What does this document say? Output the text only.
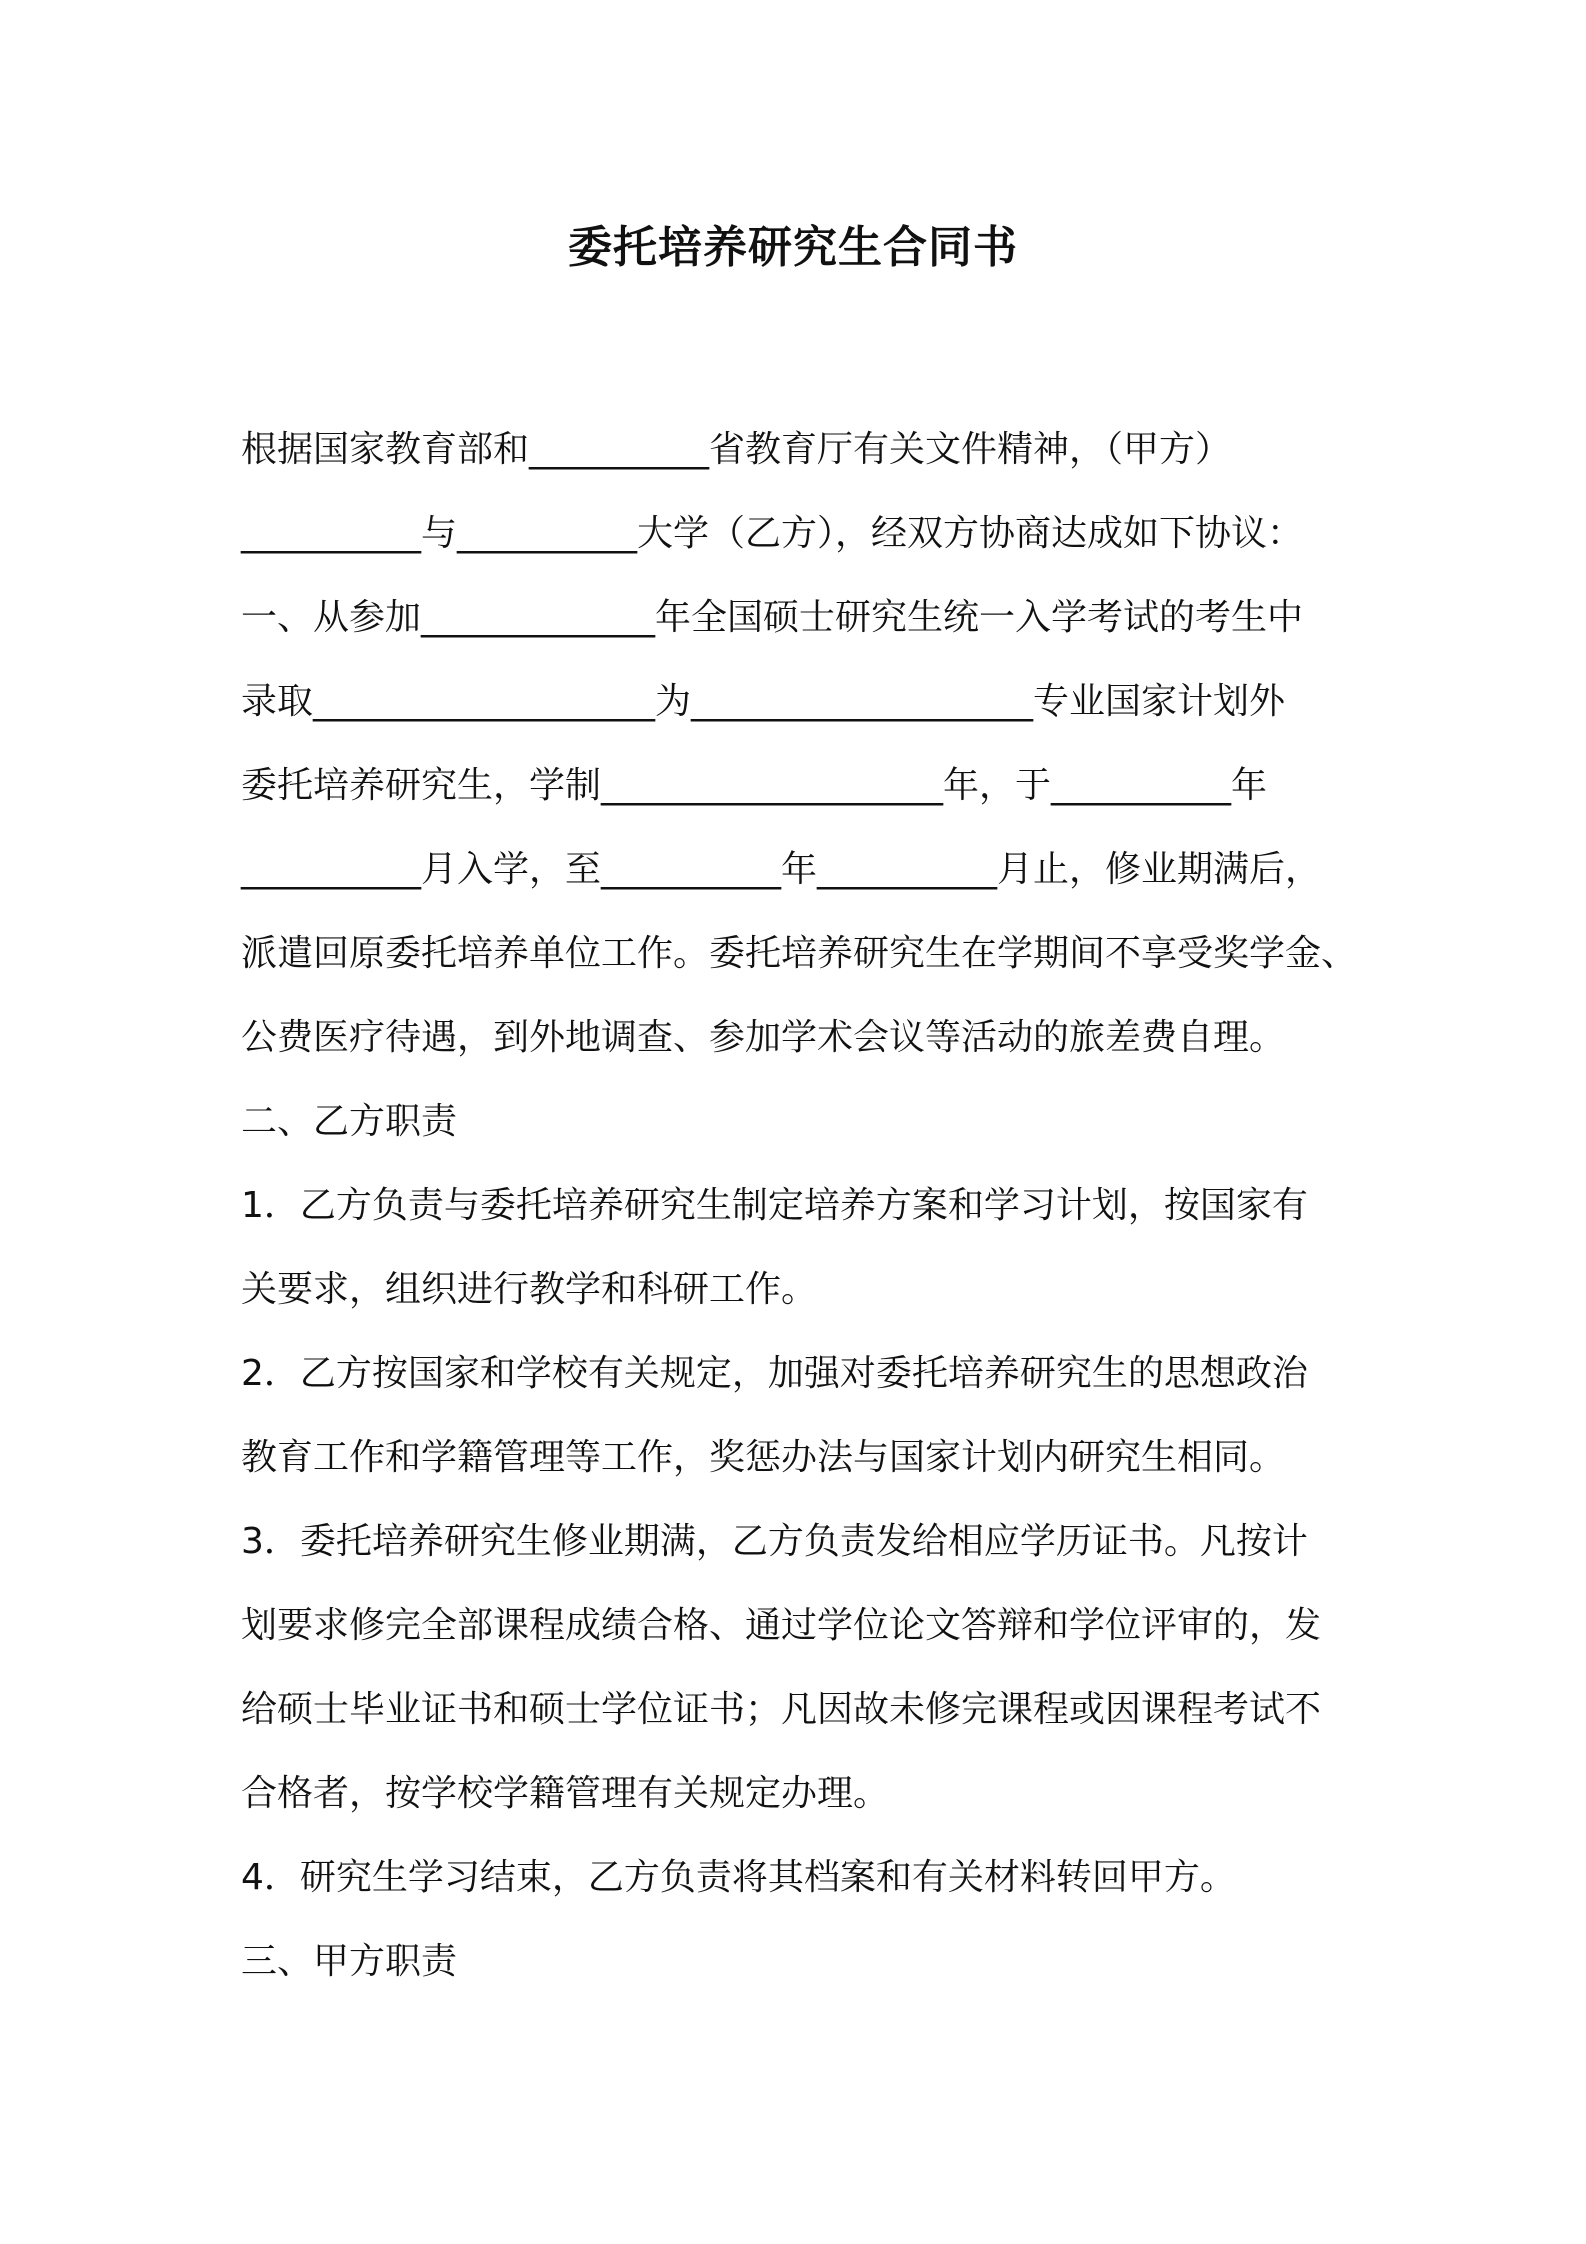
委托培养研究生合同书
根据国家教育部和__________省教育厅有关文件精神，（甲方）
__________与__________大学（乙方），经双方协商达成如下协议：
一、从参加_____________年全国硕士研究生统一入学考试的考生中
录取___________________为___________________专业国家计划外
委托培养研究生，学制___________________年，于__________年
__________月入学，至__________年__________月止，修业期满后，
派遣回原委托培养单位工作。委托培养研究生在学期间不享受奖学金、
公费医疗待遇，到外地调查、参加学术会议等活动的旅差费自理。
二、乙方职责
1．乙方负责与委托培养研究生制定培养方案和学习计划，按国家有
关要求，组织进行教学和科研工作。
2．乙方按国家和学校有关规定，加强对委托培养研究生的思想政治
教育工作和学籍管理等工作，奖惩办法与国家计划内研究生相同。
3．委托培养研究生修业期满，乙方负责发给相应学历证书。凡按计
划要求修完全部课程成绩合格、通过学位论文答辩和学位评审的，发
给硕士毕业证书和硕士学位证书；凡因故未修完课程或因课程考试不
合格者，按学校学籍管理有关规定办理。
4．研究生学习结束，乙方负责将其档案和有关材料转回甲方。
三、甲方职责
